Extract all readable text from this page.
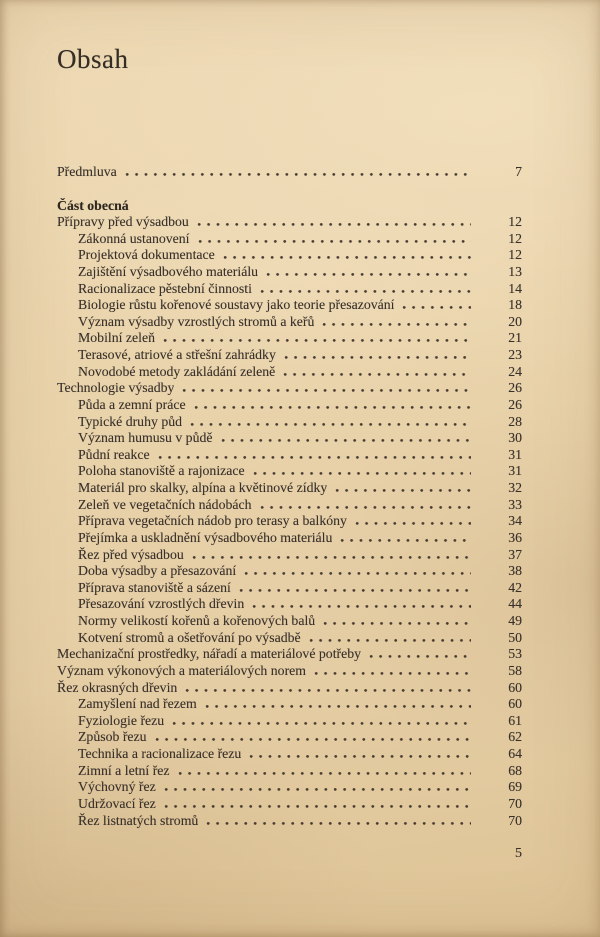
Obsah
Předmluva	7
Část obecná
Přípravy před výsadbou	12
Zákonná ustanovení	12
Projektová dokumentace	12
Zajištění výsadbového materiálu	13
Racionalizace pěstební činnosti	14
Biologie růstu kořenové soustavy jako teorie přesazování	18
Význam výsadby vzrostlých stromů a keřů	20
Mobilní zeleň	21
Terasové, atriové a střešní zahrádky	23
Novodobé metody zakládání zeleně	24
Technologie výsadby	26
Půda a zemní práce	26
Typické druhy půd	28
Význam humusu v půdě	30
Půdní reakce	31
Poloha stanoviště a rajonizace	31
Materiál pro skalky, alpína a květinové zídky	32
Zeleň ve vegetačních nádobách	33
Příprava vegetačních nádob pro terasy a balkóny	34
Přejímka a uskladnění výsadbového materiálu	36
Řez před výsadbou	37
Doba výsadby a přesazování	38
Příprava stanoviště a sázení	42
Přesazování vzrostlých dřevin	44
Normy velikostí kořenů a kořenových balů	49
Kotvení stromů a ošetřování po výsadbě	50
Mechanizační prostředky, nářadí a materiálové potřeby	53
Význam výkonových a materiálových norem	58
Řez okrasných dřevin	60
Zamyšlení nad řezem	60
Fyziologie řezu	61
Způsob řezu	62
Technika a racionalizace řezu	64
Zimní a letní řez	68
Výchovný řez	69
Udržovací řez	70
Řez listnatých stromů	70
5
